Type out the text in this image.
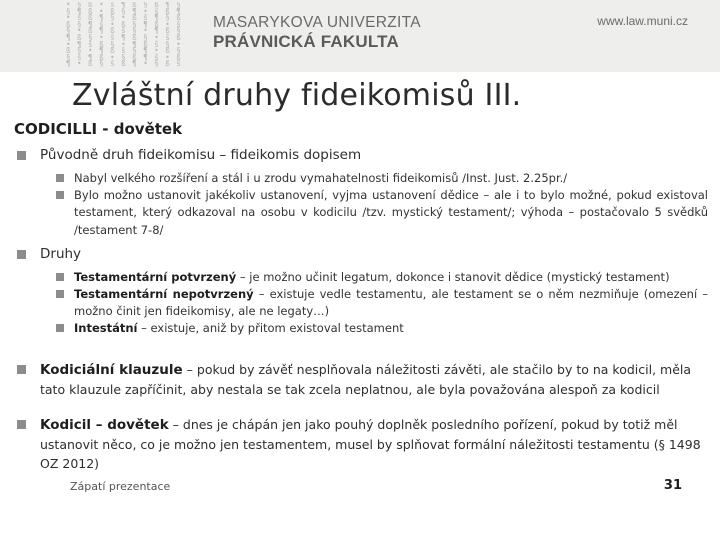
• § ß • ŝ ¶ ß § ß ¶ §
§ ¶ ß • ß § ¶ • ŝ ß ¶
• ŝ ß ¶ § • ß ŝ ¶ § ß
ß § ¶ ŝ • ß § ¶ ß • ŝ
§ • ß ¶ ß ŝ § • ¶ ß §
¶ ß § • ŝ ¶ ß § • ŝ ß
• ¶ ŝ ß § • ¶ ß ŝ § •
ß § • ¶ ß ŝ § ¶ • ß §
§ ŝ ¶ ß • § ß ¶ ŝ • ß
¶ • ß § ŝ ß ¶ • § ß ŝ
MASARYKOVA UNIVERZITA
PRÁVNICKÁ FAKULTA
www.law.muni.cz
Zvláštní druhy fideikomisů III.
CODICILLI - dovětek
Původně druh fideikomisu – fideikomis dopisem
Nabyl velkého rozšíření a stál i u zrodu vymahatelnosti fideikomisů /Inst. Just. 2.25pr./
Bylo možno ustanovit jakékoliv ustanovení, vyjma ustanovení dědice – ale i to bylo možné, pokud existoval testament, který odkazoval na osobu v kodicilu /tzv. mystický testament/; výhoda – postačovalo 5 svědků /testament 7-8/
Druhy
Testamentární potvrzený – je možno učinit legatum, dokonce i stanovit dědice (mystický testament)
Testamentární nepotvrzený – existuje vedle testamentu, ale testament se o něm nezmiňuje (omezení – možno činit jen fideikomisy, ale ne legaty…)
Intestátní – existuje, aniž by přitom existoval testament
Kodiciální klauzule – pokud by závěť nesplňovala náležitosti závěti, ale stačilo by to na kodicil, měla tato klauzule zapříčinit, aby nestala se tak zcela neplatnou, ale byla považována alespoň za kodicil
Kodicil – dovětek – dnes je chápán jen jako pouhý doplněk posledního pořízení, pokud by totiž měl ustanovit něco, co je možno jen testamentem, musel by splňovat formální náležitosti testamentu (§ 1498 OZ 2012)
Zápatí prezentace	31
